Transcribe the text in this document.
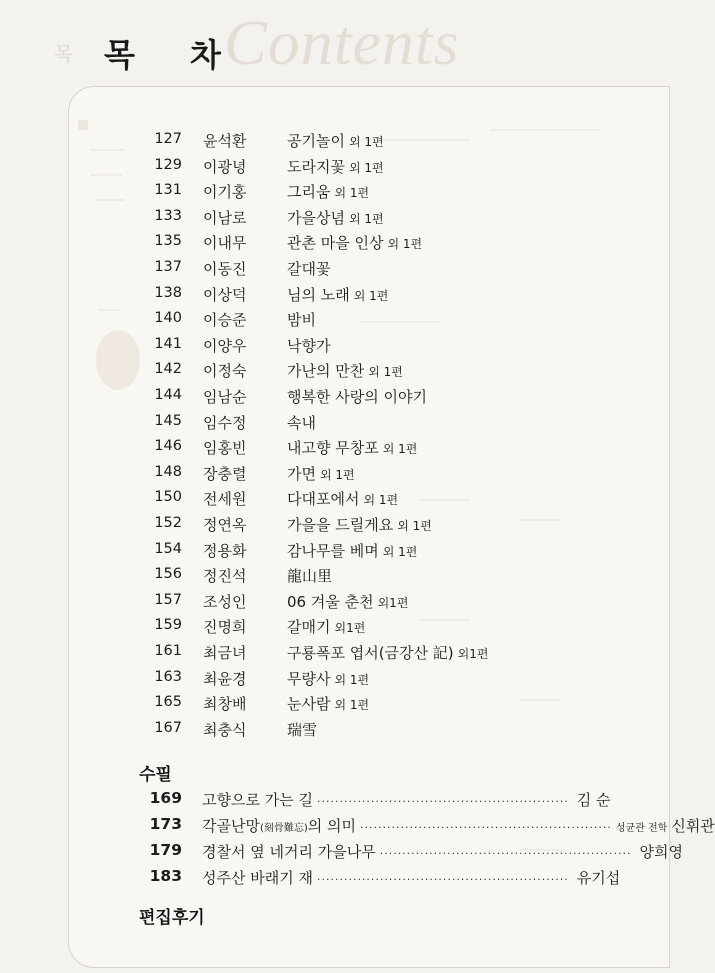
목 Contents
목 차
127 윤석환	공기놀이 외 1편
129 이광녕	도라지꽃 외 1편
131 이기홍	그리움 외 1편
133 이남로	가을상념 외 1편
135 이내무	관촌 마을 인상 외 1편
137 이동진	갈대꽃
138 이상덕	님의 노래 외 1편
140 이승준	밤비
141 이양우	낙향가
142 이정숙	가난의 만찬 외 1편
144 임남순	행복한 사랑의 이야기
145 임수정	속내
146 임홍빈	내고향 무창포 외 1편
148 장충렬	가면 외 1편
150 전세원	다대포에서 외 1편
152 정연옥	가을을 드릴게요 외 1편
154 정용화	감나무를 베며 외 1편
156 정진석	龍山里
157 조성인	06 겨울 춘천 외1편
159 진명희	갈매기 외1편
161 최금녀	구룡폭포 엽서(금강산 記) 외1편
163 최윤경	무량사 외 1편
165 최창배	눈사람 외 1편
167 최충식	瑞雪
수필
169 고향으로 가는 길 ························································ 김 순
173 각골난망(刻骨難忘)의 의미 ························································ 성균관 전학 신휘관
179 경찰서 옆 네거리 가을나무 ························································ 양희영
183 성주산 바래기 재 ························································ 유기섭
편집후기
